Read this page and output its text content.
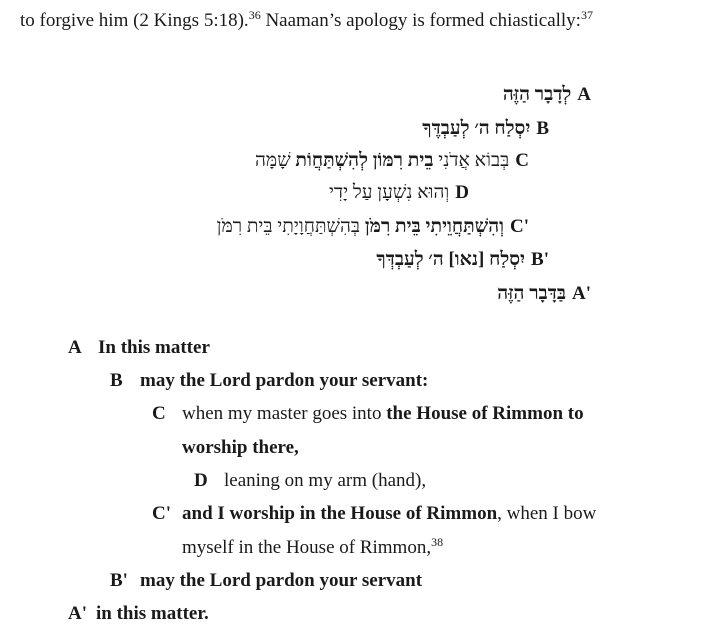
to forgive him (2 Kings 5:18).$^{36}$ Naaman’s apology is formed chiastically:$^{37}$
לְדָבָר הַזֶּה A
יִסְלַח ה׳ לְעַבְדֶּךָ B
בְּבוֹא אֲדֹנִי בֵית רִמּוֹן לְהִשְׁתַּחֲוֹת שָׁמָּה	C
וְהוּא נִשְׁעָן עַל יָדִי D
וְהִשְׁתַּחֲוֵיתִי בֵּית רִמֹּן בְּהִשְׁתַּחֲוָיָתִי בֵּית רִמֹּן	C'
יִסְלַח [נאו] ה׳ לְעַבְדְּךָ B'
בַּדָּבָר הַזֶּה A'
A In this matter
B may the Lord pardon your servant:
C when my master goes into the House of Rimmon to
worship there,
D leaning on my arm (hand),
C' and I worship in the House of Rimmon, when I bow
myself in the House of Rimmon,$^{38}$
B' may the Lord pardon your servant
A' in this matter.
